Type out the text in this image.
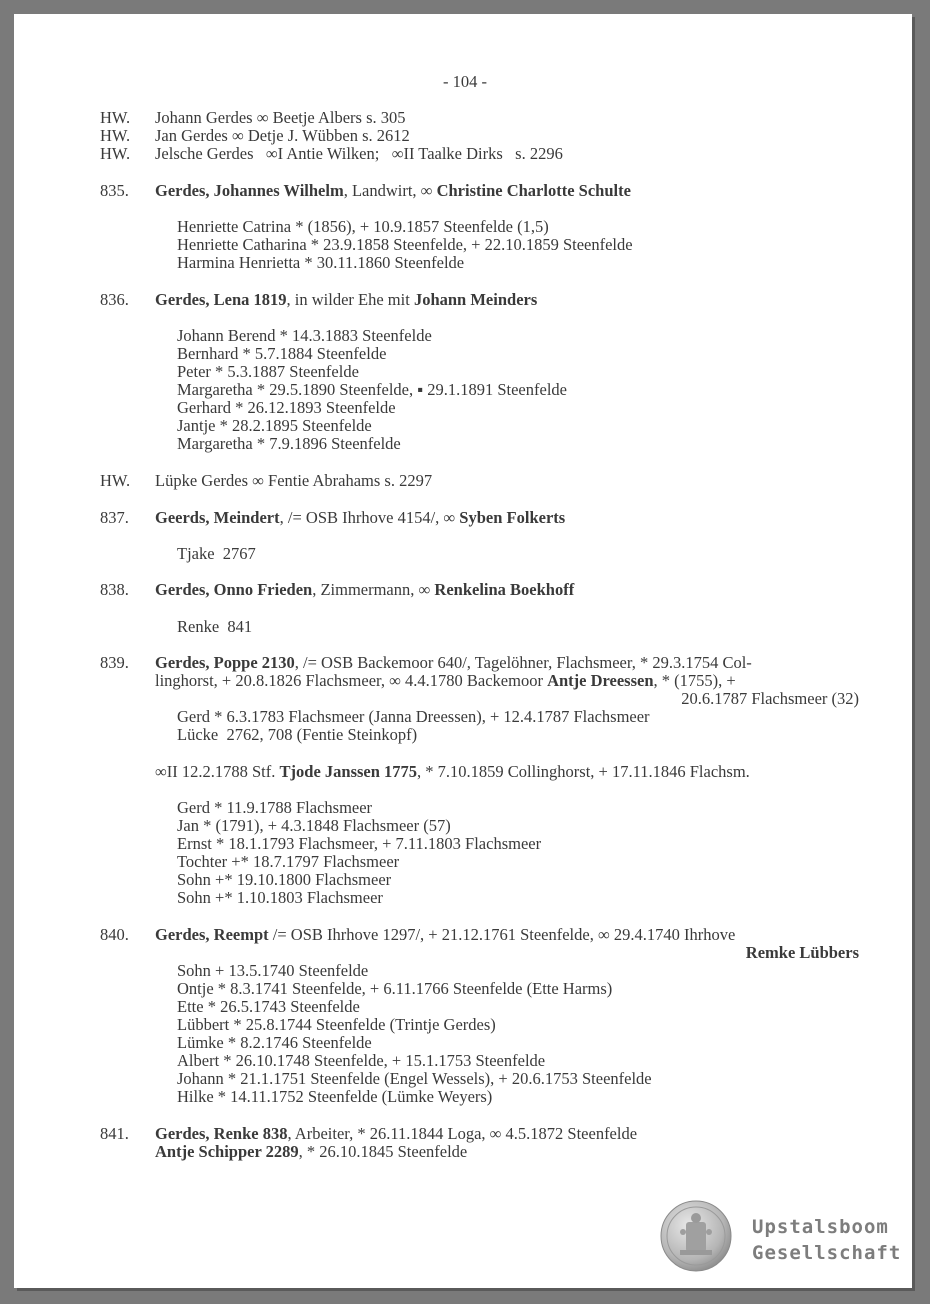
- 104 -
HW. Johann Gerdes ∞ Beetje Albers s. 305
HW. Jan Gerdes ∞ Detje J. Wübben s. 2612
HW. Jelsche Gerdes   ∞I Antie Wilken;   ∞II Taalke Dirks   s. 2296
835. Gerdes, Johannes Wilhelm, Landwirt, ∞ Christine Charlotte Schulte
Henriette Catrina * (1856), + 10.9.1857 Steenfelde (1,5)
Henriette Catharina * 23.9.1858 Steenfelde, + 22.10.1859 Steenfelde
Harmina Henrietta * 30.11.1860 Steenfelde
836. Gerdes, Lena 1819, in wilder Ehe mit Johann Meinders
Johann Berend * 14.3.1883 Steenfelde
Bernhard * 5.7.1884 Steenfelde
Peter * 5.3.1887 Steenfelde
Margaretha * 29.5.1890 Steenfelde, ▪ 29.1.1891 Steenfelde
Gerhard * 26.12.1893 Steenfelde
Jantje * 28.2.1895 Steenfelde
Margaretha * 7.9.1896 Steenfelde
HW. Lüpke Gerdes ∞ Fentie Abrahams s. 2297
837. Geerds, Meindert, /= OSB Ihrhove 4154/, ∞ Syben Folkerts
Tjake  2767
838. Gerdes, Onno Frieden, Zimmermann, ∞ Renkelina Boekhoff
Renke  841
839. Gerdes, Poppe 2130, /= OSB Backemoor 640/, Tagelöhner, Flachsmeer, * 29.3.1754 Col-
linghorst, + 20.8.1826 Flachsmeer, ∞ 4.4.1780 Backemoor Antje Dreessen, * (1755), +
20.6.1787 Flachsmeer (32)
Gerd * 6.3.1783 Flachsmeer (Janna Dreessen), + 12.4.1787 Flachsmeer
Lücke  2762, 708 (Fentie Steinkopf)
∞II 12.2.1788 Stf. Tjode Janssen 1775, * 7.10.1859 Collinghorst, + 17.11.1846 Flachsm.
Gerd * 11.9.1788 Flachsmeer
Jan * (1791), + 4.3.1848 Flachsmeer (57)
Ernst * 18.1.1793 Flachsmeer, + 7.11.1803 Flachsmeer
Tochter +* 18.7.1797 Flachsmeer
Sohn +* 19.10.1800 Flachsmeer
Sohn +* 1.10.1803 Flachsmeer
840. Gerdes, Reempt /= OSB Ihrhove 1297/, + 21.12.1761 Steenfelde, ∞ 29.4.1740 Ihrhove
Remke Lübbers
Sohn + 13.5.1740 Steenfelde
Ontje * 8.3.1741 Steenfelde, + 6.11.1766 Steenfelde (Ette Harms)
Ette * 26.5.1743 Steenfelde
Lübbert * 25.8.1744 Steenfelde (Trintje Gerdes)
Lümke * 8.2.1746 Steenfelde
Albert * 26.10.1748 Steenfelde, + 15.1.1753 Steenfelde
Johann * 21.1.1751 Steenfelde (Engel Wessels), + 20.6.1753 Steenfelde
Hilke * 14.11.1752 Steenfelde (Lümke Weyers)
841. Gerdes, Renke 838, Arbeiter, * 26.11.1844 Loga, ∞ 4.5.1872 Steenfelde
Antje Schipper 2289, * 26.10.1845 Steenfelde
Upstalsboom
Gesellschaft
